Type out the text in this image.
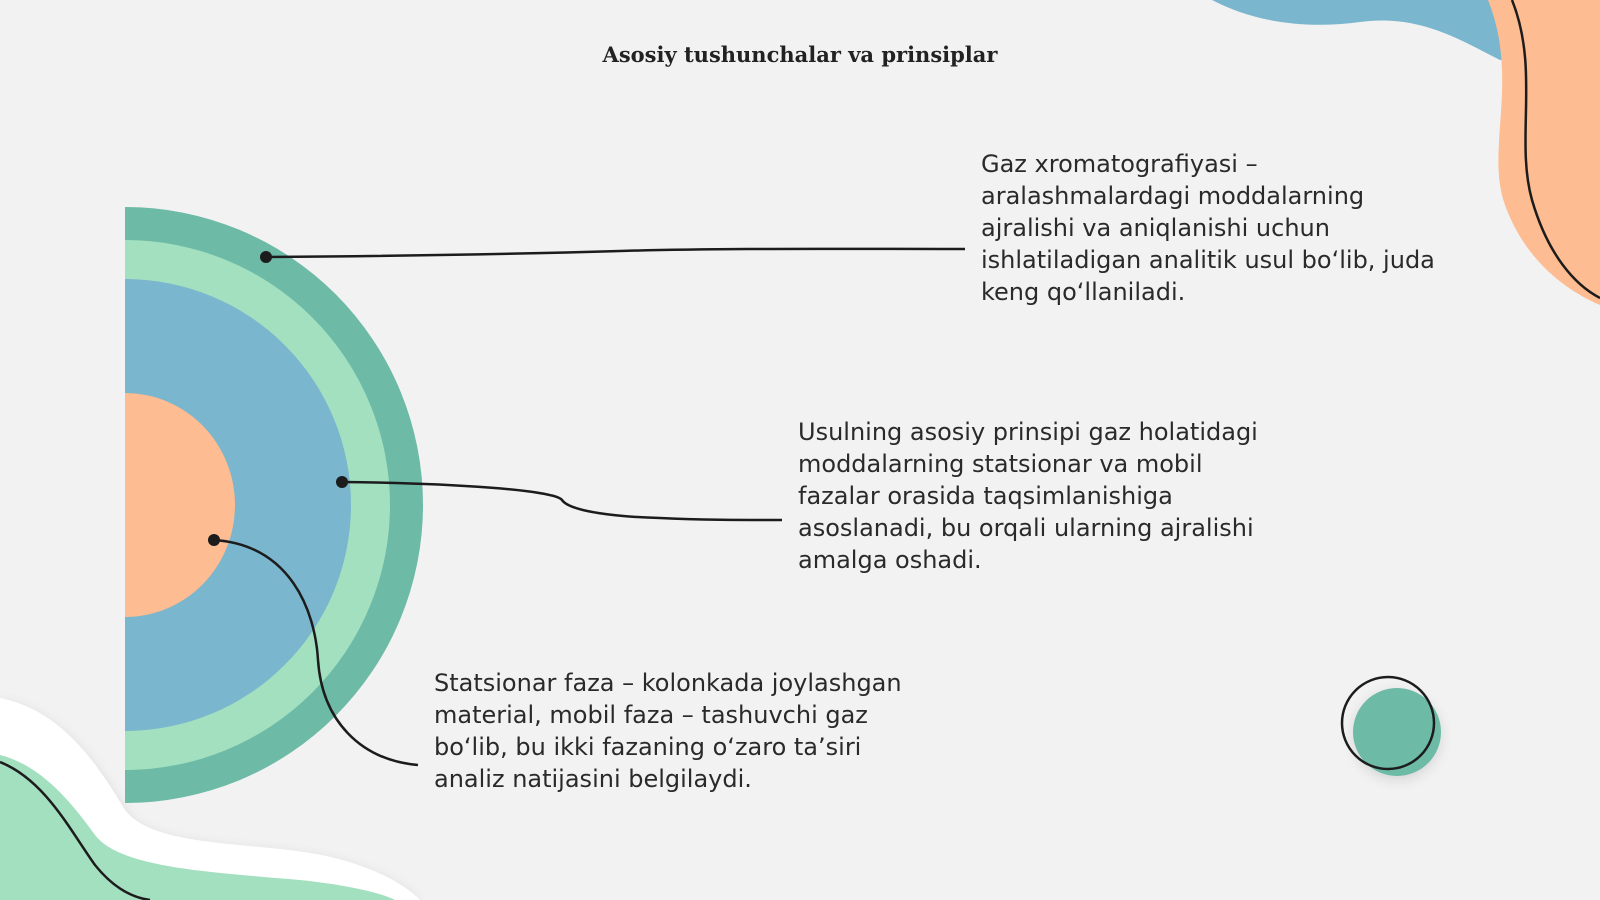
Asosiy tushunchalar va prinsiplar
Gaz xromatografiyasi – aralashmalardagi moddalarning ajralishi va aniqlanishi uchun ishlatiladigan analitik usul bo‘lib, juda keng qo‘llaniladi.
Usulning asosiy prinsipi gaz holatidagi moddalarning statsionar va mobil fazalar orasida taqsimlanishiga asoslanadi, bu orqali ularning ajralishi amalga oshadi.
Statsionar faza – kolonkada joylashgan material, mobil faza – tashuvchi gaz bo‘lib, bu ikki fazaning o‘zaro ta’siri analiz natijasini belgilaydi.
